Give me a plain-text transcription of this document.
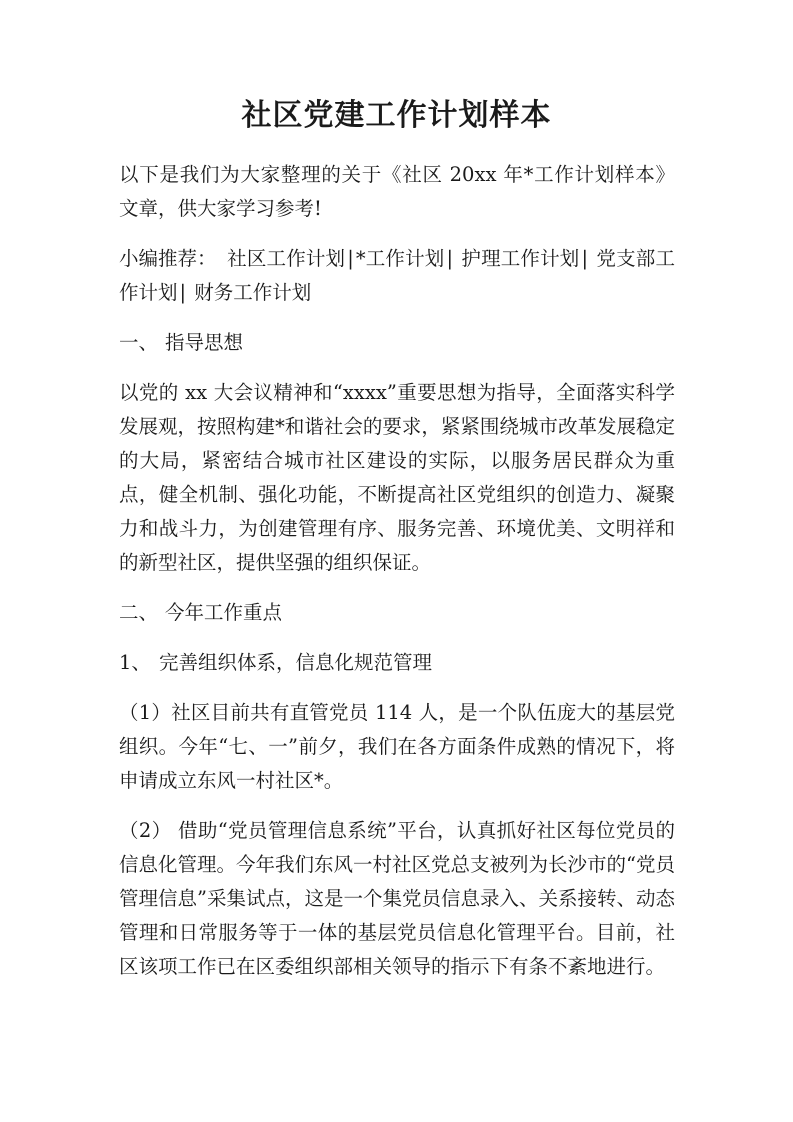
社区党建工作计划样本

以下是我们为大家整理的关于《社区 20xx 年*工作计划样本》文章，供大家学习参考!

小编推荐： 社区工作计划 | *工作计划 | 护理工作计划 | 党支部工作计划 | 财务工作计划

一、 指导思想

以党的 xx 大会议精神和“xxxx”重要思想为指导，全面落实科学发展观，按照构建*和谐社会的要求，紧紧围绕城市改革发展稳定的大局，紧密结合城市社区建设的实际，以服务居民群众为重点，健全机制、强化功能，不断提高社区党组织的创造力、凝聚力和战斗力，为创建管理有序、服务完善、环境优美、文明祥和的新型社区，提供坚强的组织保证。

二、 今年工作重点

1、 完善组织体系，信息化规范管理

（1）社区目前共有直管党员 114 人，是一个队伍庞大的基层党组织。今年“七、一”前夕，我们在各方面条件成熟的情况下，将申请成立东风一村社区*。

（2） 借助“党员管理信息系统”平台，认真抓好社区每位党员的信息化管理。今年我们东风一村社区党总支被列为长沙市的“党员管理信息”采集试点，这是一个集党员信息录入、关系接转、动态管理和日常服务等于一体的基层党员信息化管理平台。目前，社区该项工作已在区委组织部相关领导的指示下有条不紊地进行。
